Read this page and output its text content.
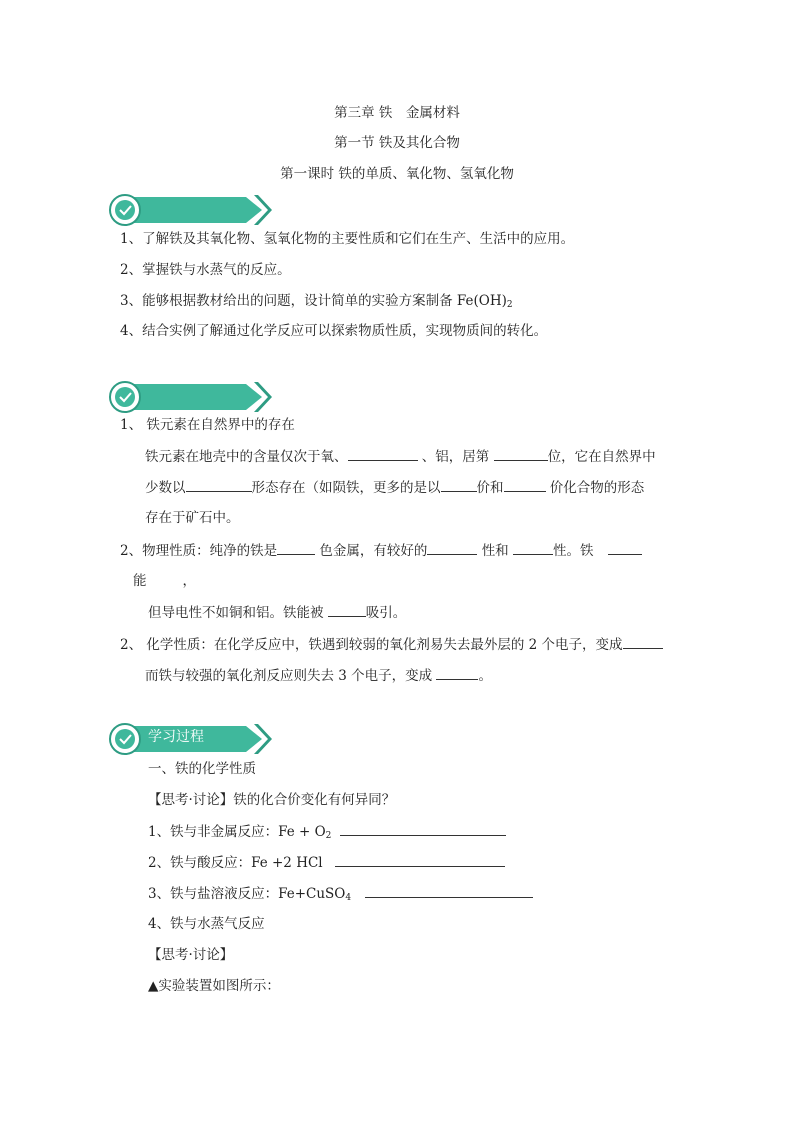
第三章 铁　金属材料
第一节 铁及其化合物
第一课时 铁的单质、氧化物、氢氧化物
1、了解铁及其氧化物、氢氧化物的主要性质和它们在生产、生活中的应用。
2、掌握铁与水蒸气的反应。
3、能够根据教材给出的问题，设计简单的实验方案制备 $Fe(OH)_2$
4、结合实例了解通过化学反应可以探索物质性质，实现物质间的转化。
1、 铁元素在自然界中的存在
铁元素在地壳中的含量仅次于氧、	、铝，居第	位，它在自然界中
少数以	形态存在（如陨铁，更多的是以	价和	价化合物的形态
存在于矿石中。
2、物理性质：纯净的铁是	色金属，有较好的	性和	性。铁
能	，
但导电性不如铜和铝。铁能被	吸引。
2、 化学性质：在化学反应中，铁遇到较弱的氧化剂易失去最外层的 2 个电子，变成
而铁与较强的氧化剂反应则失去 3 个电子，变成	。
学习过程
一、铁的化学性质
【思考·讨论】铁的化合价变化有何异同？
1、铁与非金属反应：$Fe + O_2$
2、铁与酸反应：Fe +2 HCl
3、铁与盐溶液反应：Fe+CuSO$_4$
4、铁与水蒸气反应
【思考·讨论】
▲实验装置如图所示：
